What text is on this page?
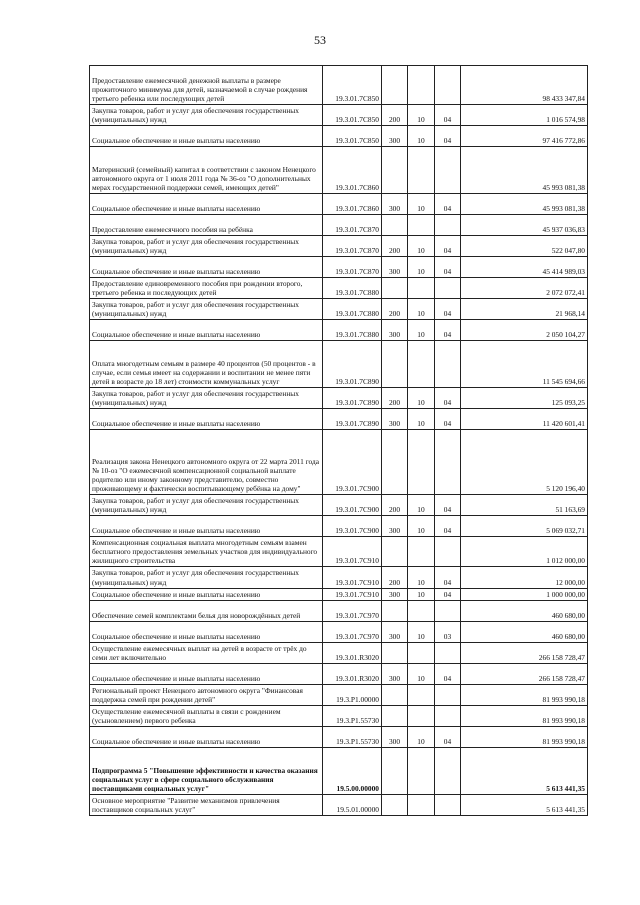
53
Предоставление ежемесячной денежной выплаты в размере прожиточного минимума для детей, назначаемой в случае рождения третьего ребенка или последующих детей	19.3.01.7С850				98 433 347,84
Закупка товаров, работ и услуг для обеспечения государственных (муниципальных) нужд	19.3.01.7С850	200	10	04	1 016 574,98
Социальное обеспечение и иные выплаты населению	19.3.01.7С850	300	10	04	97 416 772,86
Материнский (семейный) капитал в соответствии с законом Ненецкого автономного округа от 1 июля 2011 года № 36-оз "О дополнительных мерах государственной поддержки семей, имеющих детей"	19.3.01.7С860				45 993 081,38
Социальное обеспечение и иные выплаты населению	19.3.01.7С860	300	10	04	45 993 081,38
Предоставление ежемесячного пособия на ребёнка	19.3.01.7С870				45 937 036,83
Закупка товаров, работ и услуг для обеспечения государственных (муниципальных) нужд	19.3.01.7С870	200	10	04	522 047,80
Социальное обеспечение и иные выплаты населению	19.3.01.7С870	300	10	04	45 414 989,03
Предоставление единовременного пособия при рождении второго, третьего ребенка и последующих детей	19.3.01.7С880				2 072 072,41
Закупка товаров, работ и услуг для обеспечения государственных (муниципальных) нужд	19.3.01.7С880	200	10	04	21 968,14
Социальное обеспечение и иные выплаты населению	19.3.01.7С880	300	10	04	2 050 104,27
Оплата многодетным семьям в размере 40 процентов (50 процентов - в случае, если семья имеет на содержании и воспитании не менее пяти детей в возрасте до 18 лет) стоимости коммунальных услуг	19.3.01.7С890				11 545 694,66
Закупка товаров, работ и услуг для обеспечения государственных (муниципальных) нужд	19.3.01.7С890	200	10	04	125 093,25
Социальное обеспечение и иные выплаты населению	19.3.01.7С890	300	10	04	11 420 601,41
Реализация закона Ненецкого автономного округа от 22 марта 2011 года № 10-оз "О ежемесячной компенсационной социальной выплате родителю или иному законному представителю, совместно проживающему и фактически воспитывающему ребёнка на дому"	19.3.01.7С900				5 120 196,40
Закупка товаров, работ и услуг для обеспечения государственных (муниципальных) нужд	19.3.01.7С900	200	10	04	51 163,69
Социальное обеспечение и иные выплаты населению	19.3.01.7С900	300	10	04	5 069 032,71
Компенсационная социальная выплата многодетным семьям взамен бесплатного предоставления земельных участков для индивидуального жилищного строительства	19.3.01.7С910				1 012 000,00
Закупка товаров, работ и услуг для обеспечения государственных (муниципальных) нужд	19.3.01.7С910	200	10	04	12 000,00
Социальное обеспечение и иные выплаты населению	19.3.01.7С910	300	10	04	1 000 000,00
Обеспечение семей комплектами белья для новорождённых детей	19.3.01.7С970				460 680,00
Социальное обеспечение и иные выплаты населению	19.3.01.7С970	300	10	03	460 680,00
Осуществление ежемесячных выплат на детей в возрасте от трёх до семи лет включительно	19.3.01.R3020				266 158 728,47
Социальное обеспечение и иные выплаты населению	19.3.01.R3020	300	10	04	266 158 728,47
Региональный проект Ненецкого автономного округа "Финансовая поддержка семей при рождении детей"	19.3.P1.00000				81 993 990,18
Осуществление ежемесячной выплаты в связи с рождением (усыновлением) первого ребенка	19.3.P1.55730				81 993 990,18
Социальное обеспечение и иные выплаты населению	19.3.P1.55730	300	10	04	81 993 990,18
Подпрограмма 5 "Повышение эффективности и качества оказания социальных услуг в сфере социального обслуживания поставщиками социальных услуг"	19.5.00.00000				5 613 441,35
Основное мероприятие "Развитие механизмов привлечения поставщиков социальных услуг"	19.5.01.00000				5 613 441,35
